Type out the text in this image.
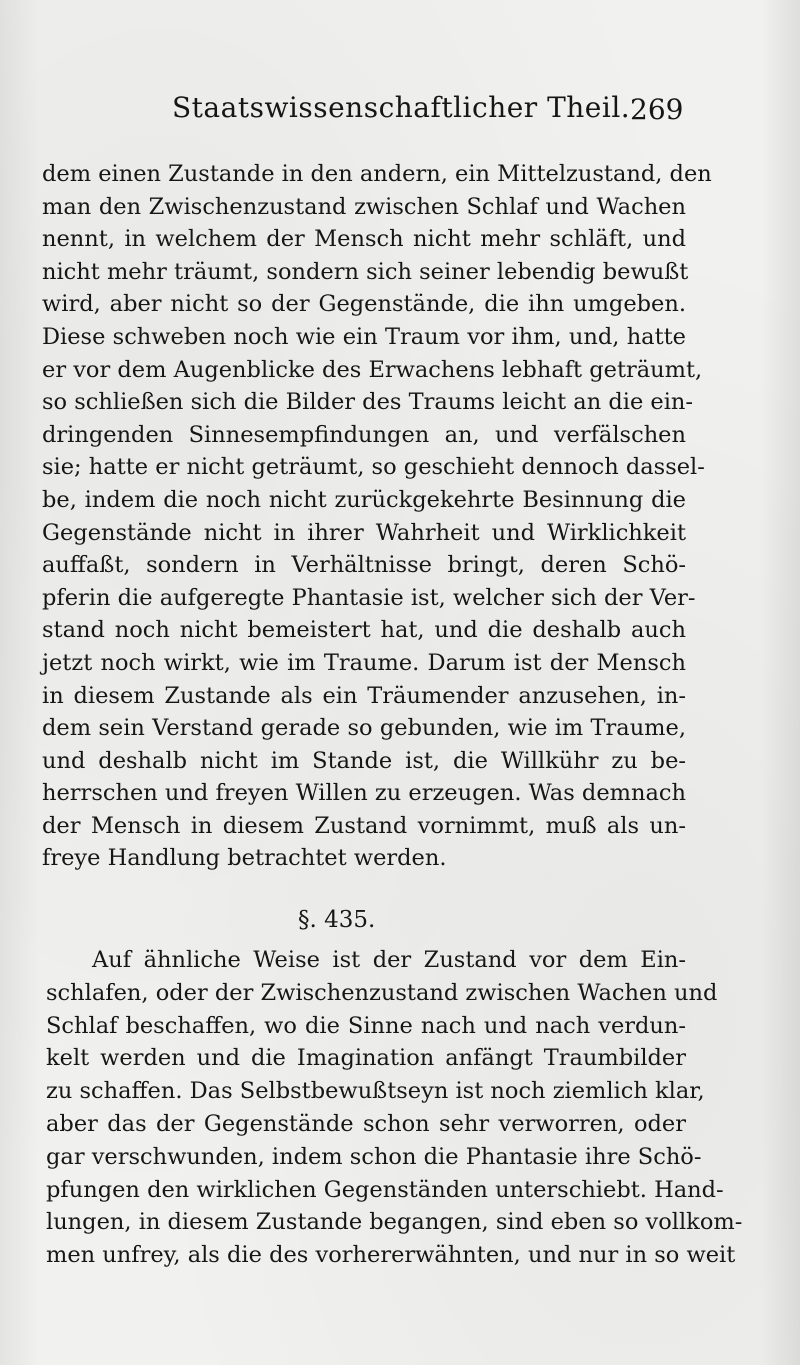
Staatswissenschaftlicher Theil. 269
dem einen Zustande in den andern, ein Mittelzustand, den
man den Zwischenzustand zwischen Schlaf und Wachen
nennt, in welchem der Mensch nicht mehr schläft, und
nicht mehr träumt, sondern sich seiner lebendig bewußt
wird, aber nicht so der Gegenstände, die ihn umgeben.
Diese schweben noch wie ein Traum vor ihm, und, hatte
er vor dem Augenblicke des Erwachens lebhaft geträumt,
so schließen sich die Bilder des Traums leicht an die ein-
dringenden Sinnesempfindungen an, und verfälschen
sie; hatte er nicht geträumt, so geschieht dennoch dassel-
be, indem die noch nicht zurückgekehrte Besinnung die
Gegenstände nicht in ihrer Wahrheit und Wirklichkeit
auffaßt, sondern in Verhältnisse bringt, deren Schö-
pferin die aufgeregte Phantasie ist, welcher sich der Ver-
stand noch nicht bemeistert hat, und die deshalb auch
jetzt noch wirkt, wie im Traume. Darum ist der Mensch
in diesem Zustande als ein Träumender anzusehen, in-
dem sein Verstand gerade so gebunden, wie im Traume,
und deshalb nicht im Stande ist, die Willkühr zu be-
herrschen und freyen Willen zu erzeugen. Was demnach
der Mensch in diesem Zustand vornimmt, muß als un-
freye Handlung betrachtet werden.
§. 435.
Auf ähnliche Weise ist der Zustand vor dem Ein-
schlafen, oder der Zwischenzustand zwischen Wachen und
Schlaf beschaffen, wo die Sinne nach und nach verdun-
kelt werden und die Imagination anfängt Traumbilder
zu schaffen. Das Selbstbewußtseyn ist noch ziemlich klar,
aber das der Gegenstände schon sehr verworren, oder
gar verschwunden, indem schon die Phantasie ihre Schö-
pfungen den wirklichen Gegenständen unterschiebt. Hand-
lungen, in diesem Zustande begangen, sind eben so vollkom-
men unfrey, als die des vorhererwähnten, und nur in so weit
